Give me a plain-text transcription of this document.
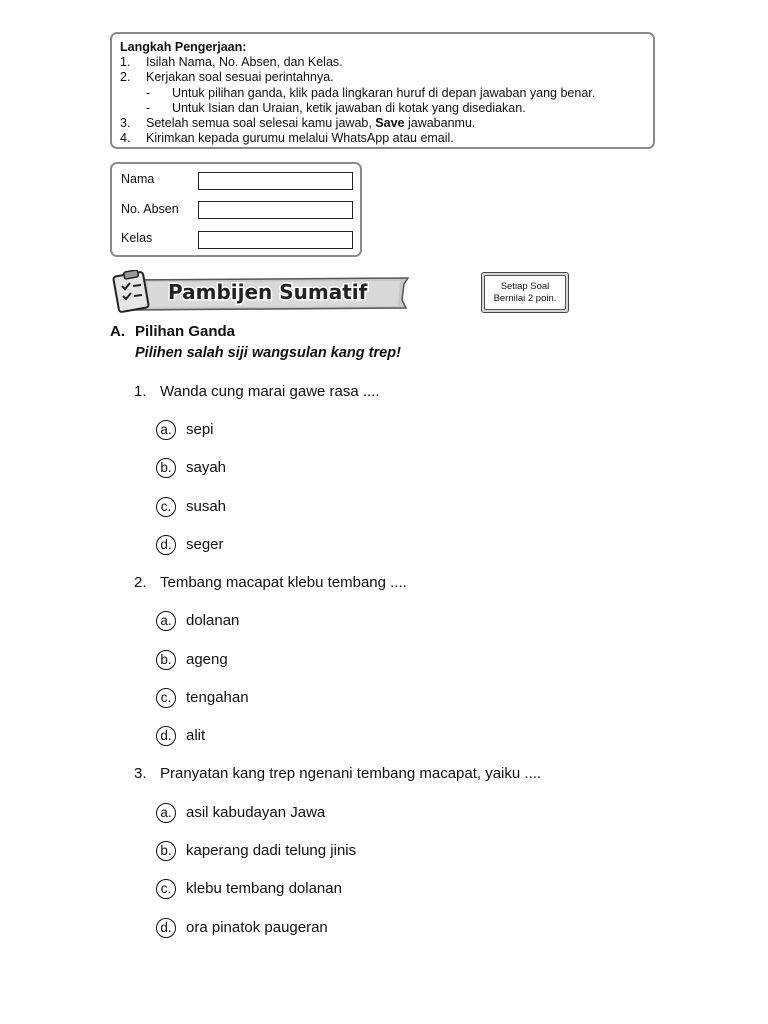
Langkah Pengerjaan:
1. Isilah Nama, No. Absen, dan Kelas.
2. Kerjakan soal sesuai perintahnya.
- Untuk pilihan ganda, klik pada lingkaran huruf di depan jawaban yang benar.
- Untuk Isian dan Uraian, ketik jawaban di kotak yang disediakan.
3. Setelah semua soal selesai kamu jawab, Save jawabanmu.
4. Kirimkan kepada gurumu melalui WhatsApp atau email.
Nama
No. Absen
Kelas
Pambijen Sumatif	Setiap Soal
Bernilai 2 poin.
A. Pilihan Ganda
Pilihen salah siji wangsulan kang trep!
1. Wanda cung marai gawe rasa ....
a. sepi
b. sayah
c. susah
d. seger
2. Tembang macapat klebu tembang ....
a. dolanan
b. ageng
c. tengahan
d. alit
3. Pranyatan kang trep ngenani tembang macapat, yaiku ....
a. asil kabudayan Jawa
b. kaperang dadi telung jinis
c. klebu tembang dolanan
d. ora pinatok paugeran
